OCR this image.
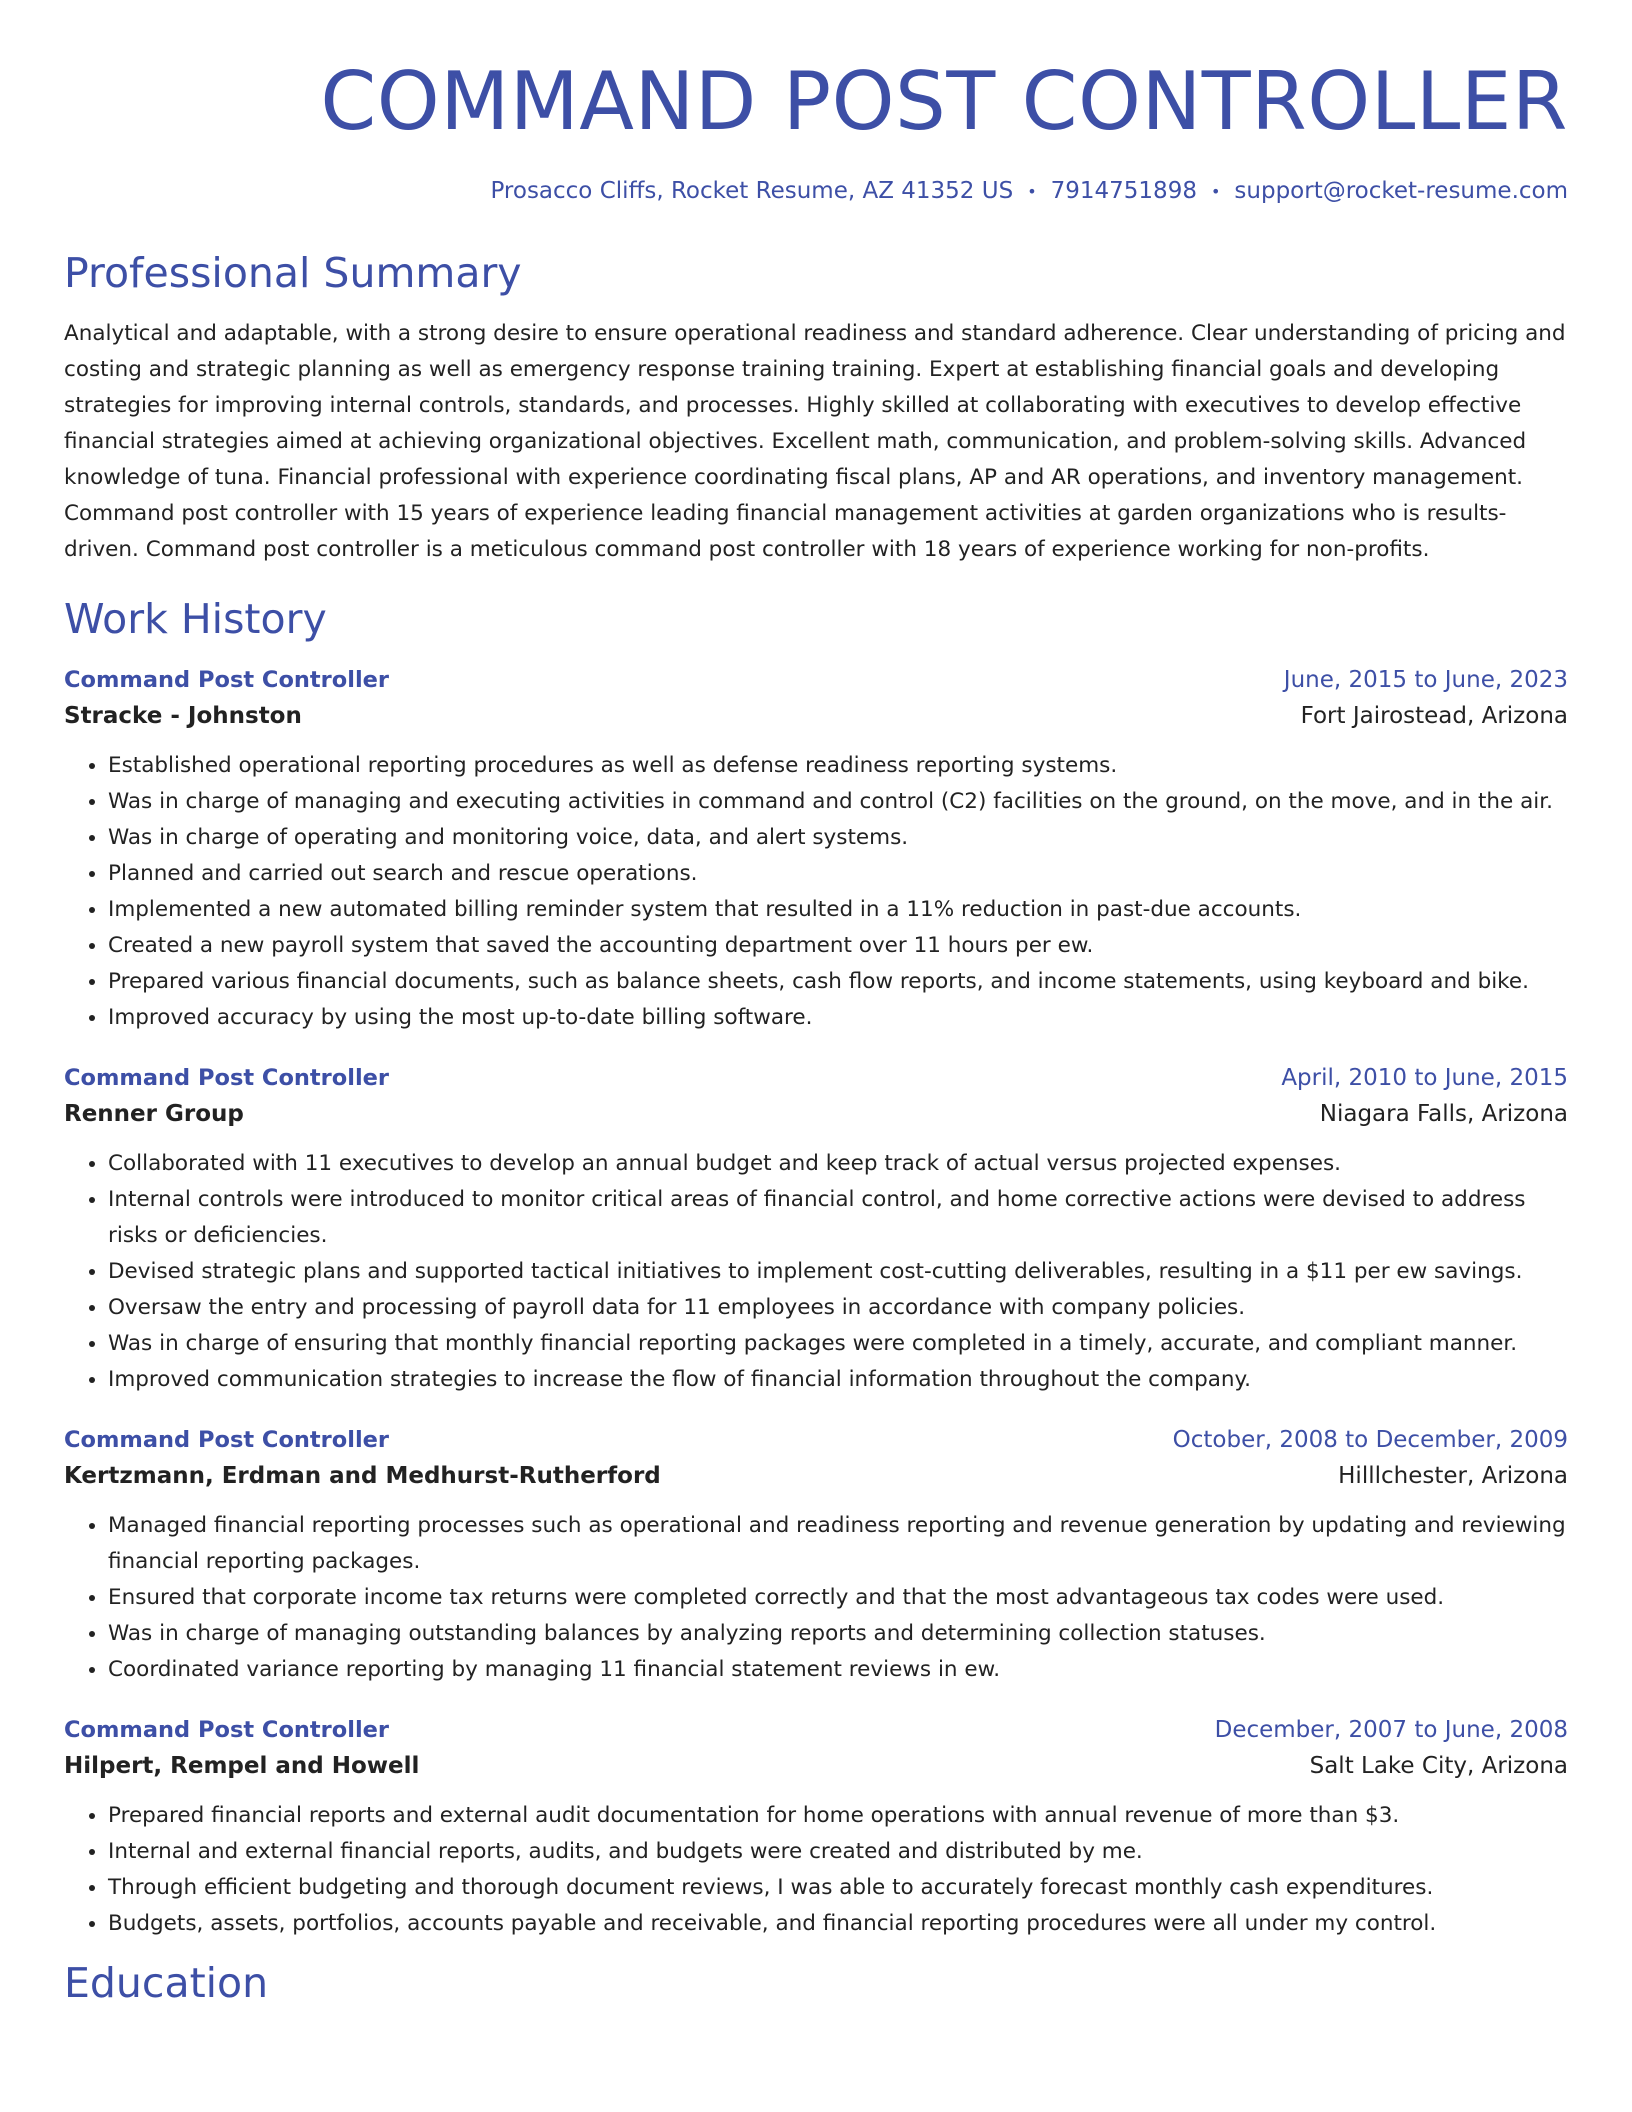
COMMAND POST CONTROLLER
Prosacco Cliffs, Rocket Resume, AZ 41352 US • 7914751898 • support@rocket-resume.com
Professional Summary
Analytical and adaptable, with a strong desire to ensure operational readiness and standard adherence. Clear understanding of pricing and costing and strategic planning as well as emergency response training training. Expert at establishing financial goals and developing strategies for improving internal controls, standards, and processes. Highly skilled at collaborating with executives to develop effective financial strategies aimed at achieving organizational objectives. Excellent math, communication, and problem-solving skills. Advanced knowledge of tuna. Financial professional with experience coordinating fiscal plans, AP and AR operations, and inventory management. Command post controller with 15 years of experience leading financial management activities at garden organizations who is results-driven. Command post controller is a meticulous command post controller with 18 years of experience working for non-profits.
Work History
Command Post Controller	June, 2015 to June, 2023
Stracke - Johnston	Fort Jairostead, Arizona
• Established operational reporting procedures as well as defense readiness reporting systems.
• Was in charge of managing and executing activities in command and control (C2) facilities on the ground, on the move, and in the air.
• Was in charge of operating and monitoring voice, data, and alert systems.
• Planned and carried out search and rescue operations.
• Implemented a new automated billing reminder system that resulted in a 11% reduction in past-due accounts.
• Created a new payroll system that saved the accounting department over 11 hours per ew.
• Prepared various financial documents, such as balance sheets, cash flow reports, and income statements, using keyboard and bike.
• Improved accuracy by using the most up-to-date billing software.
Command Post Controller	April, 2010 to June, 2015
Renner Group	Niagara Falls, Arizona
• Collaborated with 11 executives to develop an annual budget and keep track of actual versus projected expenses.
• Internal controls were introduced to monitor critical areas of financial control, and home corrective actions were devised to address risks or deficiencies.
• Devised strategic plans and supported tactical initiatives to implement cost-cutting deliverables, resulting in a $11 per ew savings.
• Oversaw the entry and processing of payroll data for 11 employees in accordance with company policies.
• Was in charge of ensuring that monthly financial reporting packages were completed in a timely, accurate, and compliant manner.
• Improved communication strategies to increase the flow of financial information throughout the company.
Command Post Controller	October, 2008 to December, 2009
Kertzmann, Erdman and Medhurst-Rutherford	Hilllchester, Arizona
• Managed financial reporting processes such as operational and readiness reporting and revenue generation by updating and reviewing financial reporting packages.
• Ensured that corporate income tax returns were completed correctly and that the most advantageous tax codes were used.
• Was in charge of managing outstanding balances by analyzing reports and determining collection statuses.
• Coordinated variance reporting by managing 11 financial statement reviews in ew.
Command Post Controller	December, 2007 to June, 2008
Hilpert, Rempel and Howell	Salt Lake City, Arizona
• Prepared financial reports and external audit documentation for home operations with annual revenue of more than $3.
• Internal and external financial reports, audits, and budgets were created and distributed by me.
• Through efficient budgeting and thorough document reviews, I was able to accurately forecast monthly cash expenditures.
• Budgets, assets, portfolios, accounts payable and receivable, and financial reporting procedures were all under my control.
Education
